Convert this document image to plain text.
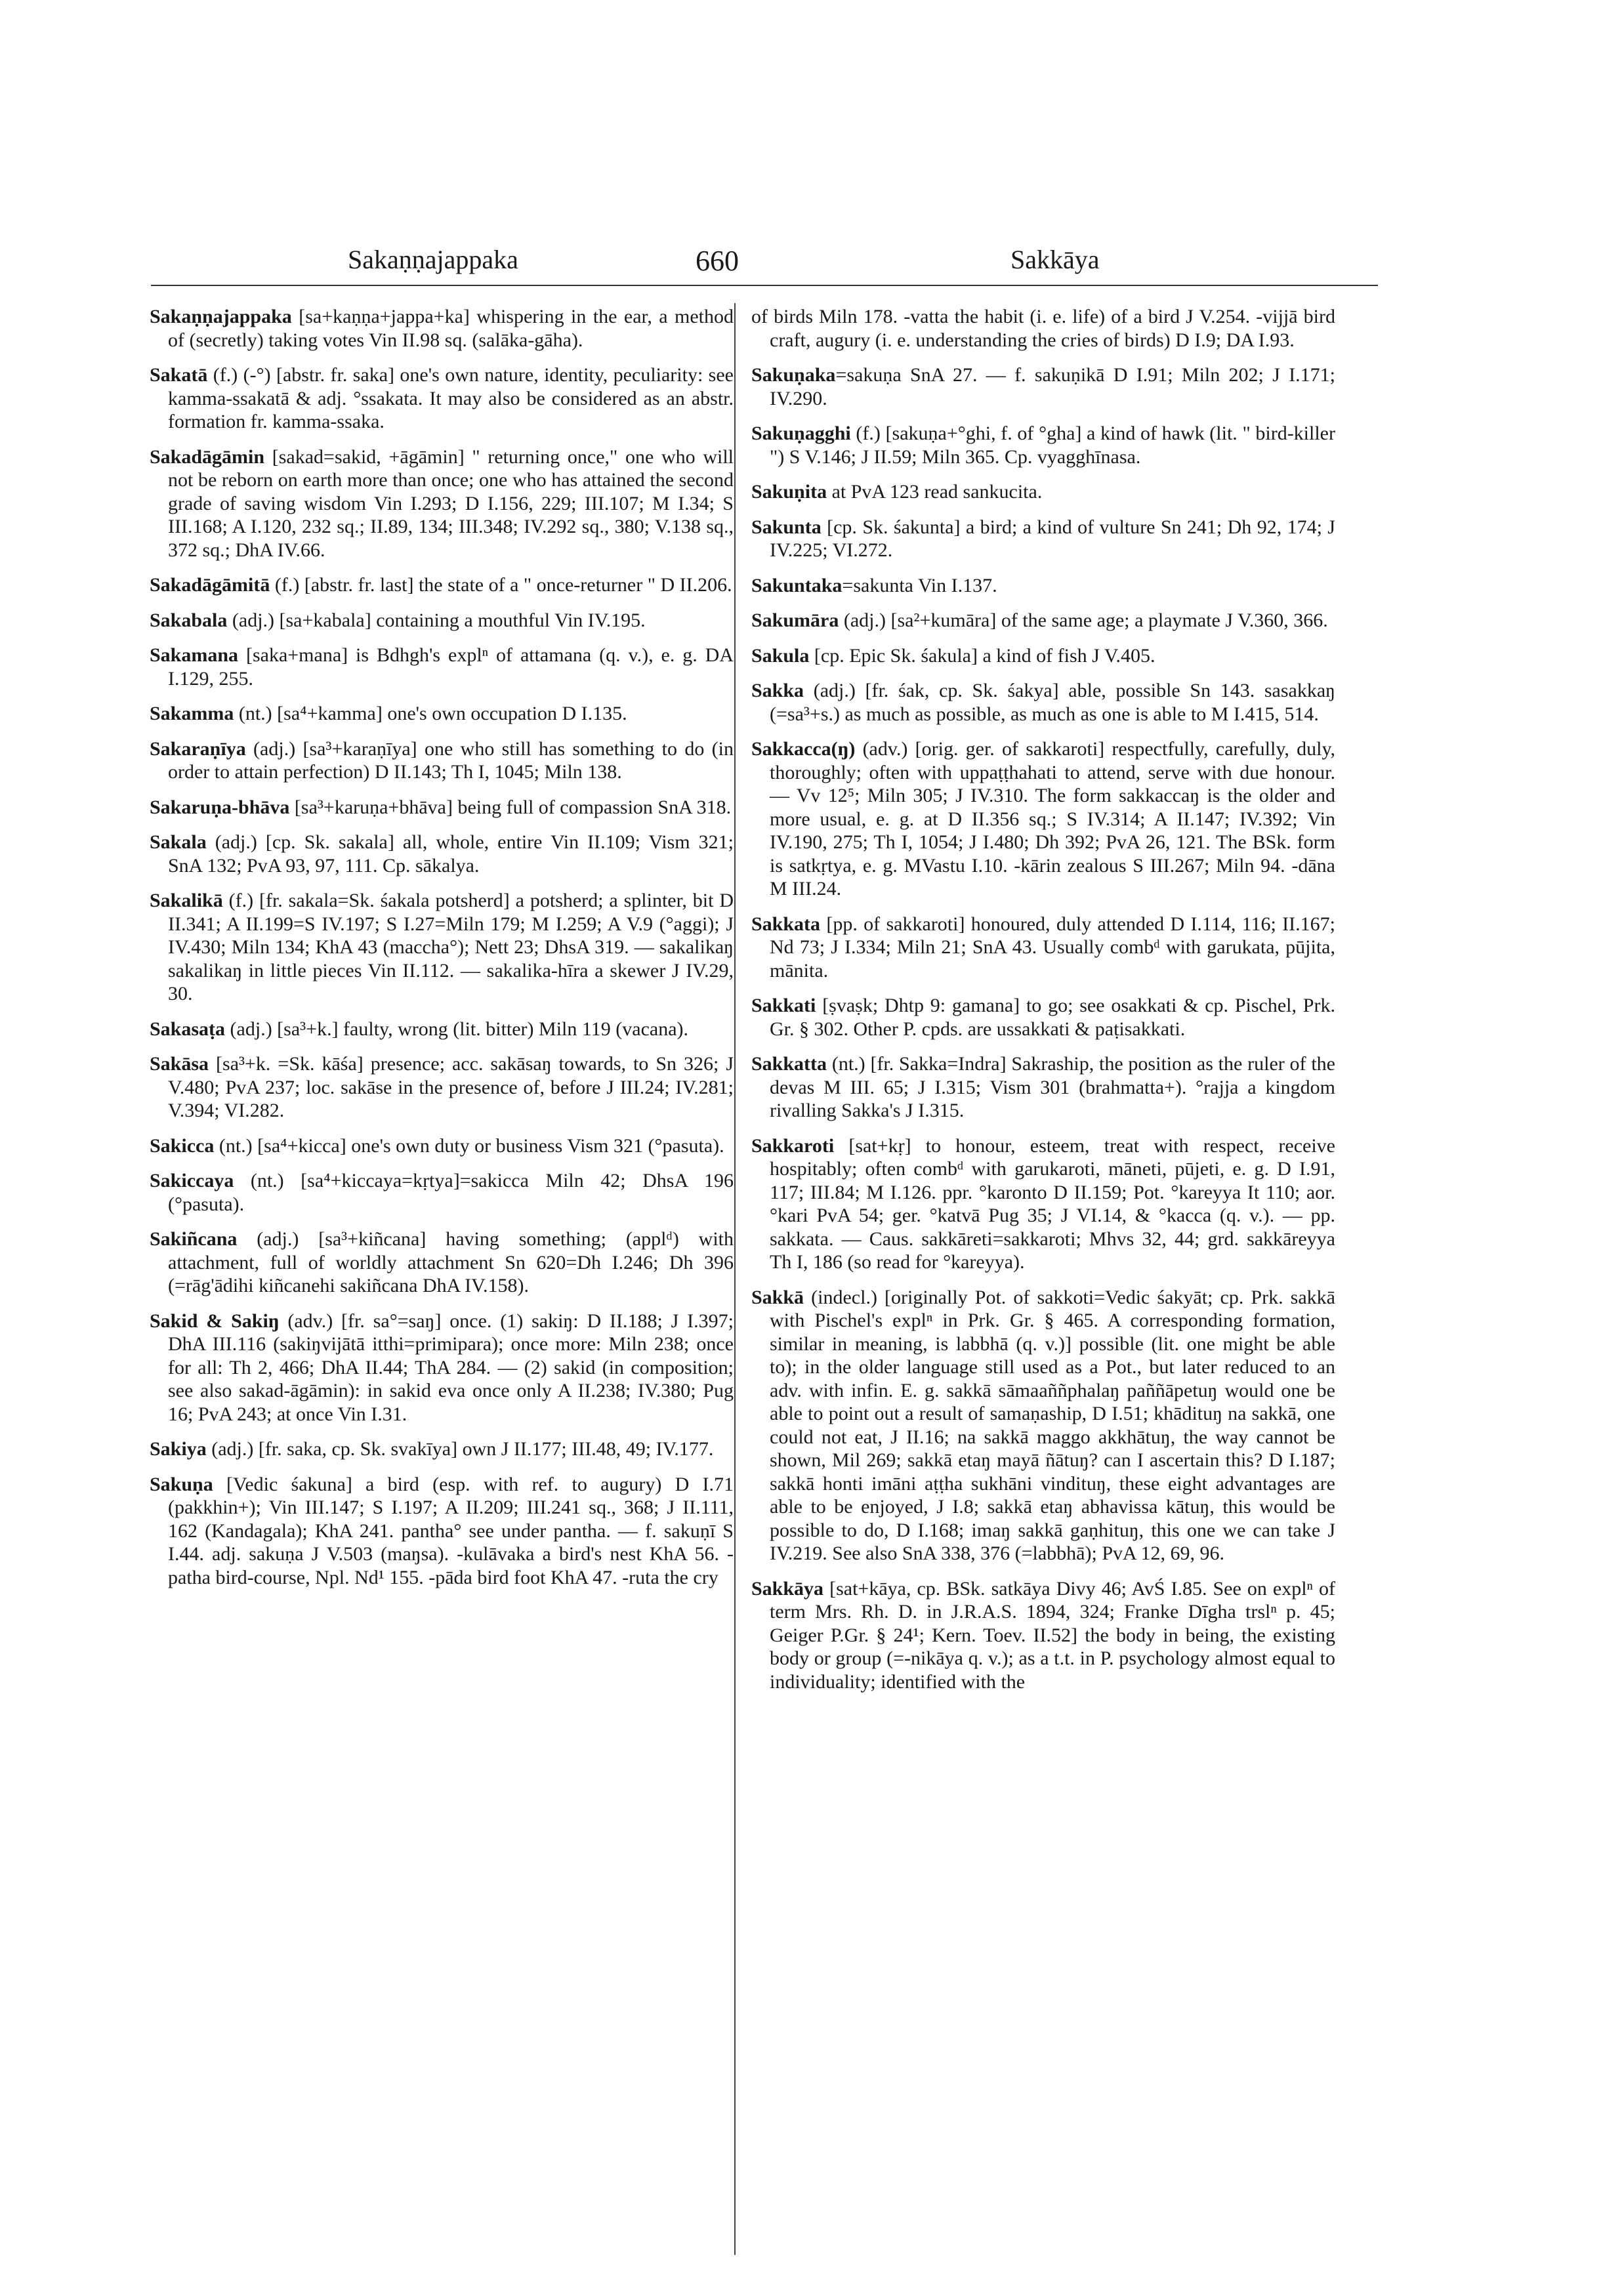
Sakaṇṇajappaka	660	Sakkāya

Sakaṇṇajappaka [sa+kaṇṇa+jappa+ka] whispering in the ear, a method of (secretly) taking votes Vin II.98 sq. (salāka-gāha).

Sakatā (f.) (-°) [abstr. fr. saka] one's own nature, identity, peculiarity: see kamma-ssakatā & adj. °ssakata. It may also be considered as an abstr. formation fr. kamma-ssaka.

Sakadāgāmin [sakad=sakid, +āgāmin] " returning once," one who will not be reborn on earth more than once; one who has attained the second grade of saving wisdom Vin I.293; D I.156, 229; III.107; M I.34; S III.168; A I.120, 232 sq.; II.89, 134; III.348; IV.292 sq., 380; V.138 sq., 372 sq.; DhA IV.66.

Sakadāgāmitā (f.) [abstr. fr. last] the state of a " once-returner " D II.206.

Sakabala (adj.) [sa+kabala] containing a mouthful Vin IV.195.

Sakamana [saka+mana] is Bdhgh's explⁿ of attamana (q. v.), e. g. DA I.129, 255.

Sakamma (nt.) [sa⁴+kamma] one's own occupation D I.135.

Sakaraṇīya (adj.) [sa³+karaṇīya] one who still has something to do (in order to attain perfection) D II.143; Th I, 1045; Miln 138.

Sakaruṇa-bhāva [sa³+karuṇa+bhāva] being full of compassion SnA 318.

Sakala (adj.) [cp. Sk. sakala] all, whole, entire Vin II.109; Vism 321; SnA 132; PvA 93, 97, 111. Cp. sākalya.

Sakalikā (f.) [fr. sakala=Sk. śakala potsherd] a potsherd; a splinter, bit D II.341; A II.199=S IV.197; S I.27=Miln 179; M I.259; A V.9 (°aggi); J IV.430; Miln 134; KhA 43 (maccha°); Nett 23; DhsA 319. — sakalikaŋ sakalikaŋ in little pieces Vin II.112. — sakalika-hīra a skewer J IV.29, 30.

Sakasaṭa (adj.) [sa³+k.] faulty, wrong (lit. bitter) Miln 119 (vacana).

Sakāsa [sa³+k. =Sk. kāśa] presence; acc. sakāsaŋ towards, to Sn 326; J V.480; PvA 237; loc. sakāse in the presence of, before J III.24; IV.281; V.394; VI.282.

Sakicca (nt.) [sa⁴+kicca] one's own duty or business Vism 321 (°pasuta).

Sakiccaya (nt.) [sa⁴+kiccaya=kṛtya]=sakicca Miln 42; DhsA 196 (°pasuta).

Sakiñcana (adj.) [sa³+kiñcana] having something; (applᵈ) with attachment, full of worldly attachment Sn 620=Dh I.246; Dh 396 (=rāg'ādihi kiñcanehi sakiñcana DhA IV.158).

Sakid & Sakiŋ (adv.) [fr. sa°=saŋ] once. (1) sakiŋ: D II.188; J I.397; DhA III.116 (sakiŋvijātā itthi=primipara); once more: Miln 238; once for all: Th 2, 466; DhA II.44; ThA 284. — (2) sakid (in composition; see also sakad-āgāmin): in sakid eva once only A II.238; IV.380; Pug 16; PvA 243; at once Vin I.31.

Sakiya (adj.) [fr. saka, cp. Sk. svakīya] own J II.177; III.48, 49; IV.177.

Sakuṇa [Vedic śakuna] a bird (esp. with ref. to augury) D I.71 (pakkhin+); Vin III.147; S I.197; A II.209; III.241 sq., 368; J II.111, 162 (Kandagala); KhA 241. pantha° see under pantha. — f. sakuṇī S I.44. adj. sakuṇa J V.503 (maŋsa). -kulāvaka a bird's nest KhA 56. -patha bird-course, Npl. Nd¹ 155. -pāda bird foot KhA 47. -ruta the cry

of birds Miln 178. -vatta the habit (i. e. life) of a bird J V.254. -vijjā bird craft, augury (i. e. understanding the cries of birds) D I.9; DA I.93.

Sakuṇaka=sakuṇa SnA 27. — f. sakuṇikā D I.91; Miln 202; J I.171; IV.290.

Sakuṇagghi (f.) [sakuṇa+°ghi, f. of °gha] a kind of hawk (lit. " bird-killer ") S V.146; J II.59; Miln 365. Cp. vyagghīnasa.

Sakuṇita at PvA 123 read sankucita.

Sakunta [cp. Sk. śakunta] a bird; a kind of vulture Sn 241; Dh 92, 174; J IV.225; VI.272.

Sakuntaka=sakunta Vin I.137.

Sakumāra (adj.) [sa²+kumāra] of the same age; a playmate J V.360, 366.

Sakula [cp. Epic Sk. śakula] a kind of fish J V.405.

Sakka (adj.) [fr. śak, cp. Sk. śakya] able, possible Sn 143. sasakkaŋ (=sa³+s.) as much as possible, as much as one is able to M I.415, 514.

Sakkacca(ŋ) (adv.) [orig. ger. of sakkaroti] respectfully, carefully, duly, thoroughly; often with uppaṭṭhahati to attend, serve with due honour. — Vv 12⁵; Miln 305; J IV.310. The form sakkaccaŋ is the older and more usual, e. g. at D II.356 sq.; S IV.314; A II.147; IV.392; Vin IV.190, 275; Th I, 1054; J I.480; Dh 392; PvA 26, 121. The BSk. form is satkṛtya, e. g. MVastu I.10. -kārin zealous S III.267; Miln 94. -dāna M III.24.

Sakkata [pp. of sakkaroti] honoured, duly attended D I.114, 116; II.167; Nd 73; J I.334; Miln 21; SnA 43. Usually combᵈ with garukata, pūjita, mānita.

Sakkati [ṣvaṣk; Dhtp 9: gamana] to go; see osakkati & cp. Pischel, Prk. Gr. § 302. Other P. cpds. are ussakkati & paṭisakkati.

Sakkatta (nt.) [fr. Sakka=Indra] Sakraship, the position as the ruler of the devas M III. 65; J I.315; Vism 301 (brahmatta+). °rajja a kingdom rivalling Sakka's J I.315.

Sakkaroti [sat+kṛ] to honour, esteem, treat with respect, receive hospitably; often combᵈ with garukaroti, māneti, pūjeti, e. g. D I.91, 117; III.84; M I.126. ppr. °karonto D II.159; Pot. °kareyya It 110; aor. °kari PvA 54; ger. °katvā Pug 35; J VI.14, & °kacca (q. v.). — pp. sakkata. — Caus. sakkāreti=sakkaroti; Mhvs 32, 44; grd. sakkāreyya Th I, 186 (so read for °kareyya).

Sakkā (indecl.) [originally Pot. of sakkoti=Vedic śakyāt; cp. Prk. sakkā with Pischel's explⁿ in Prk. Gr. § 465. A corresponding formation, similar in meaning, is labbhā (q. v.)] possible (lit. one might be able to); in the older language still used as a Pot., but later reduced to an adv. with infin. E. g. sakkā sāmaaññphalaŋ paññāpetuŋ would one be able to point out a result of samaṇaship, D I.51; khādituŋ na sakkā, one could not eat, J II.16; na sakkā maggo akkhātuŋ, the way cannot be shown, Mil 269; sakkā etaŋ mayā ñātuŋ? can I ascertain this? D I.187; sakkā honti imāni aṭṭha sukhāni vindituŋ, these eight advantages are able to be enjoyed, J I.8; sakkā etaŋ abhavissa kātuŋ, this would be possible to do, D I.168; imaŋ sakkā gaṇhituŋ, this one we can take J IV.219. See also SnA 338, 376 (=labbhā); PvA 12, 69, 96.

Sakkāya [sat+kāya, cp. BSk. satkāya Divy 46; AvŚ I.85. See on explⁿ of term Mrs. Rh. D. in J.R.A.S. 1894, 324; Franke Dīgha trslⁿ p. 45; Geiger P.Gr. § 24¹; Kern. Toev. II.52] the body in being, the existing body or group (=-nikāya q. v.); as a t.t. in P. psychology almost equal to individuality; identified with the
